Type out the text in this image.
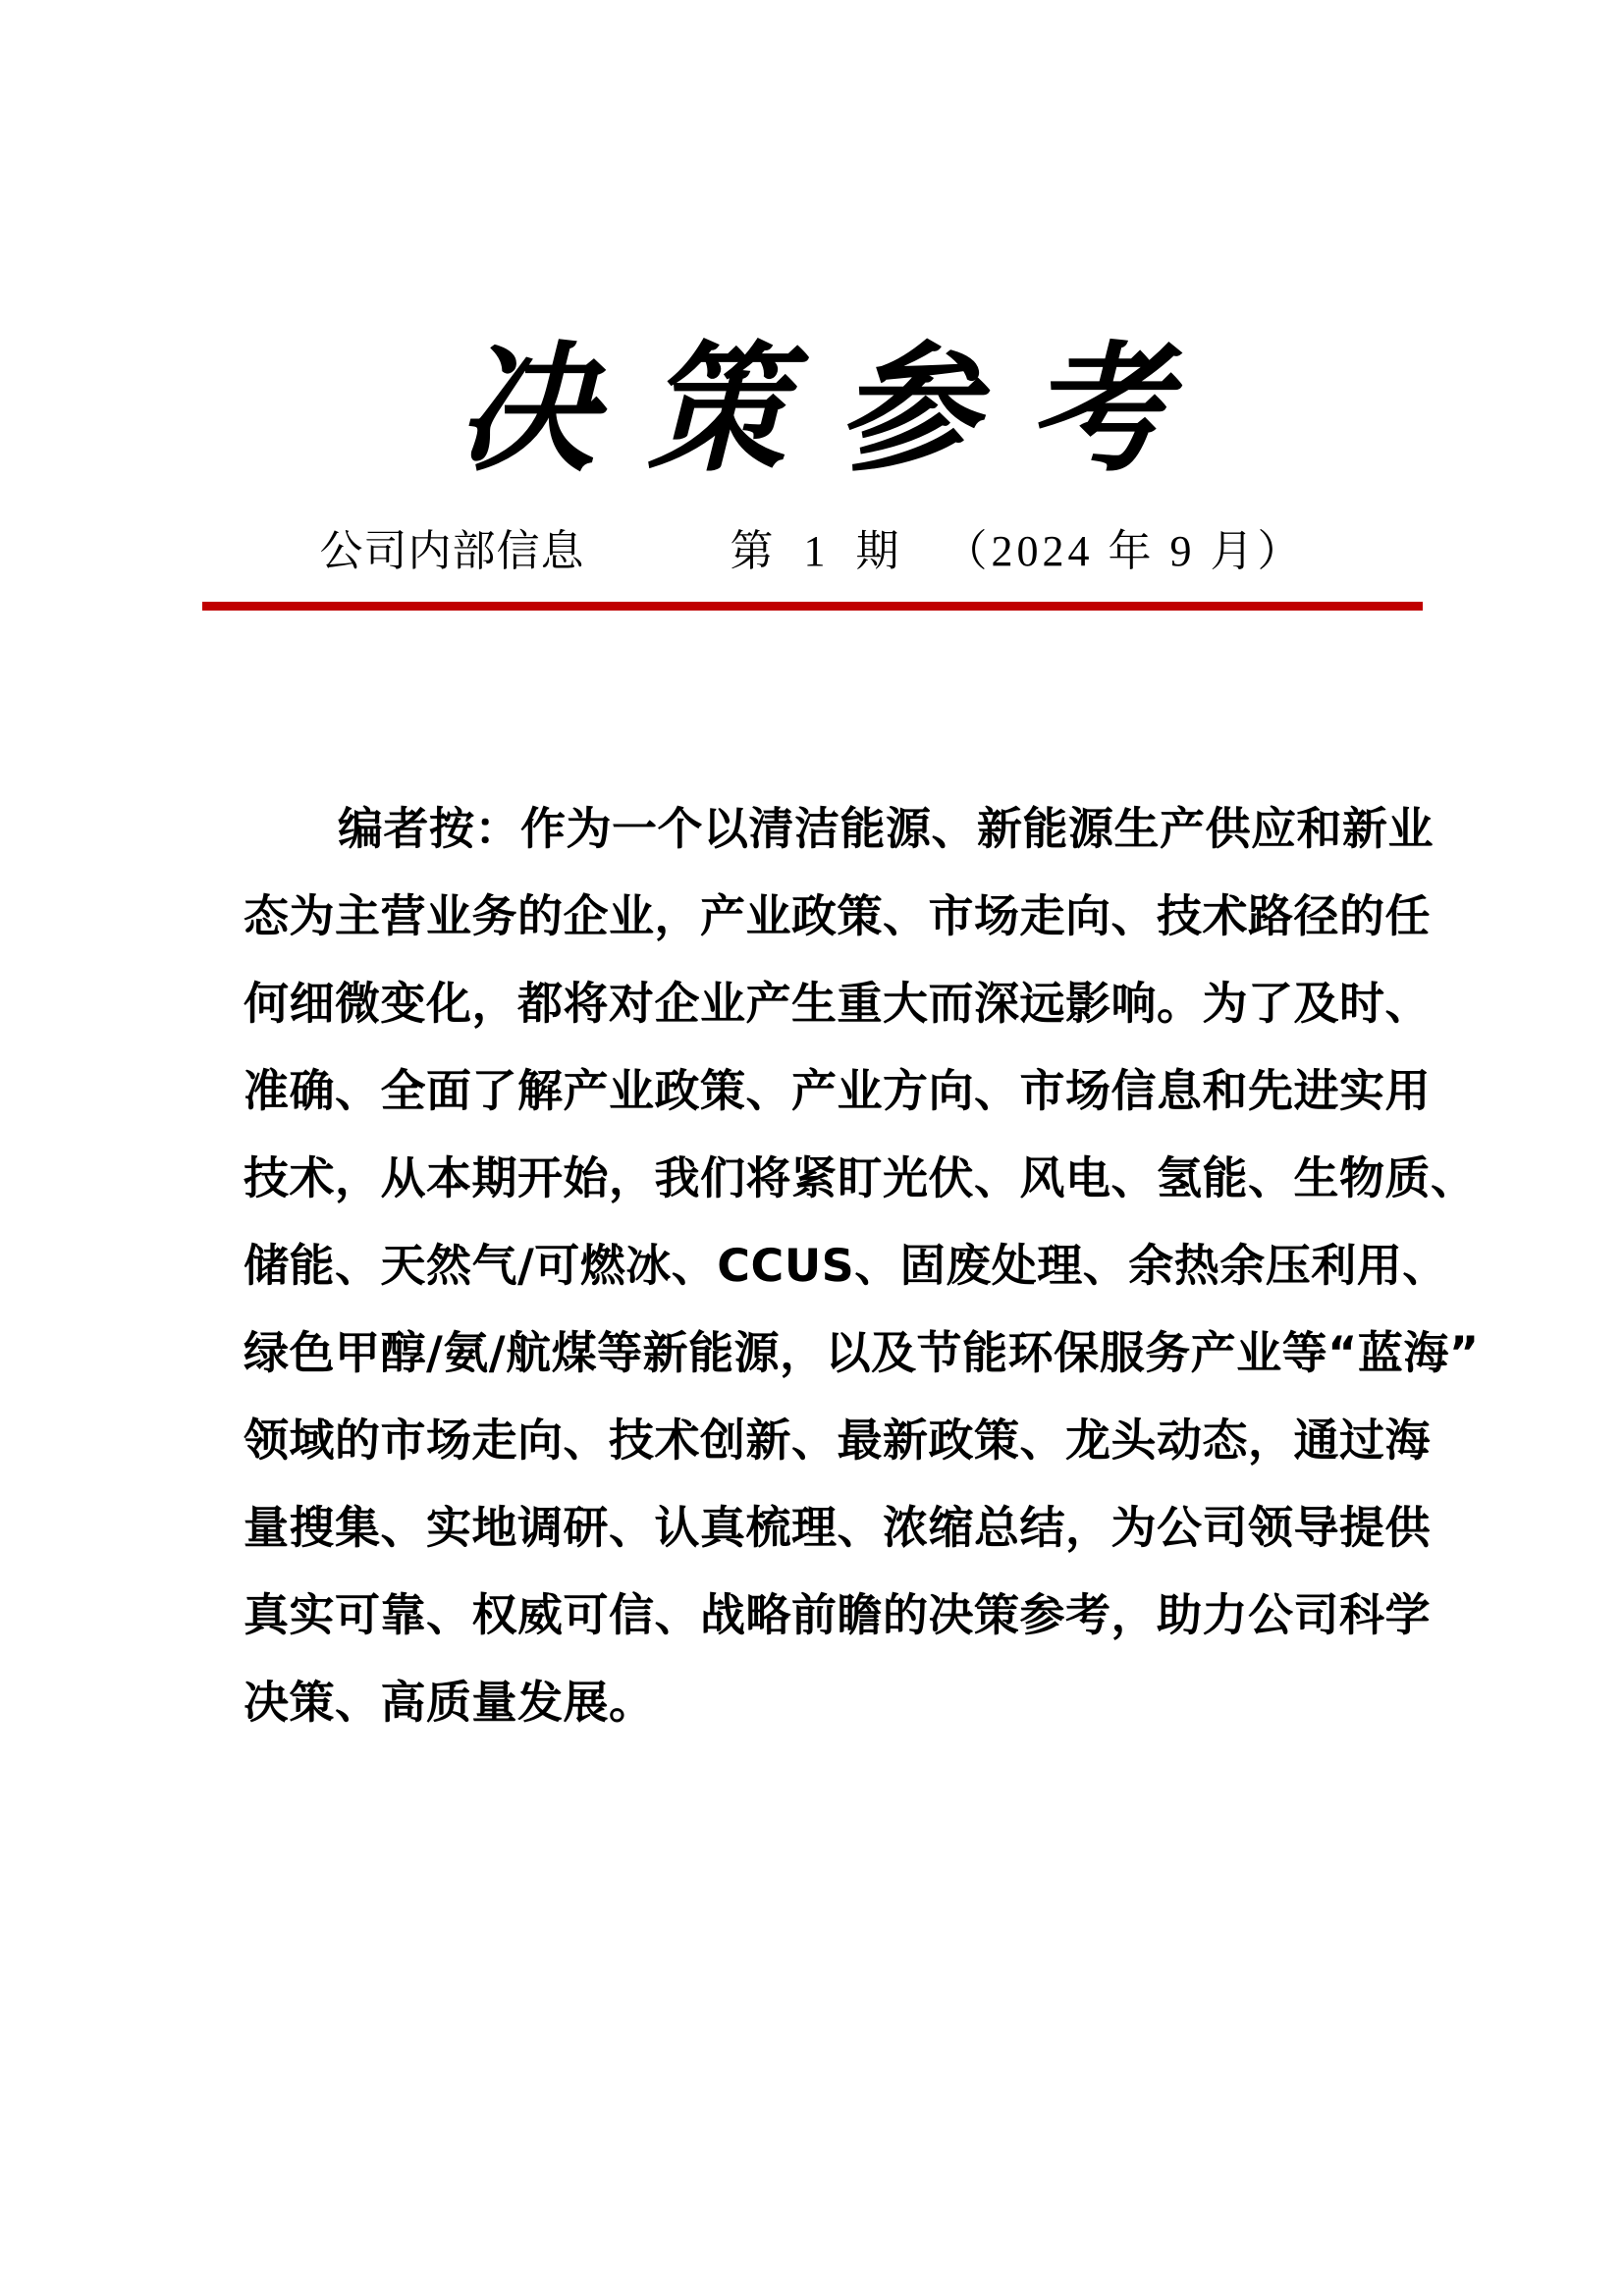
决策参考
公司内部信息	第 1 期 （2024 年 9 月）
编者按：作为一个以清洁能源、新能源生产供应和新业
态为主营业务的企业，产业政策、市场走向、技术路径的任
何细微变化，都将对企业产生重大而深远影响。为了及时、
准确、全面了解产业政策、产业方向、市场信息和先进实用
技术，从本期开始，我们将紧盯光伏、风电、氢能、生物质、
储能、天然气/可燃冰、CCUS、固废处理、余热余压利用、
绿色甲醇/氨/航煤等新能源，以及节能环保服务产业等“蓝海”
领域的市场走向、技术创新、最新政策、龙头动态，通过海
量搜集、实地调研、认真梳理、浓缩总结，为公司领导提供
真实可靠、权威可信、战略前瞻的决策参考，助力公司科学
决策、高质量发展。
